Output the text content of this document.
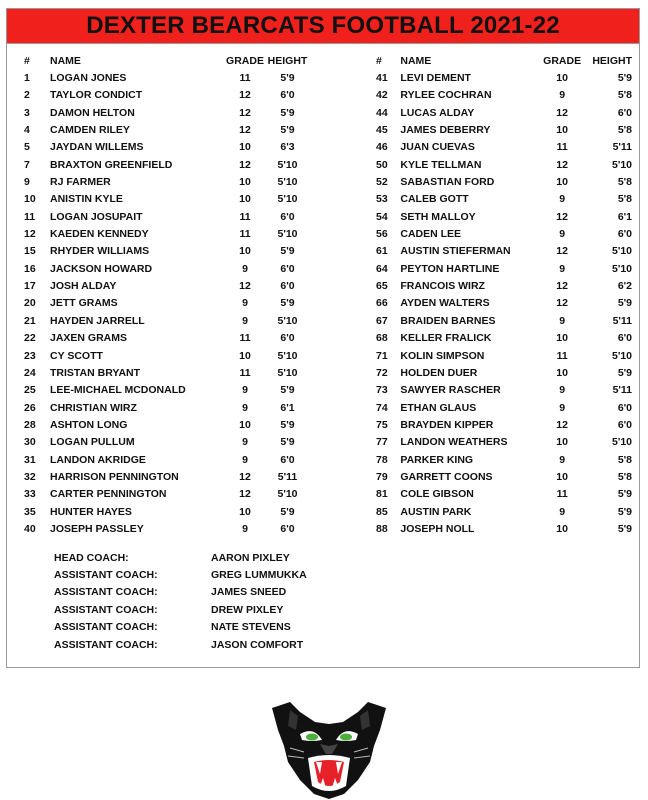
DEXTER BEARCATS FOOTBALL 2021-22
#	NAME	GRADE HEIGHT
1	LOGAN JONES	11	5'9
2	TAYLOR CONDICT	12	6'0
3	DAMON HELTON	12	5'9
4	CAMDEN RILEY	12	5'9
5	JAYDAN WILLEMS	10	6'3
7	BRAXTON GREENFIELD	12	5'10
9	RJ FARMER	10	5'10
10	ANISTIN KYLE	10	5'10
11	LOGAN JOSUPAIT	11	6'0
12	KAEDEN KENNEDY	11	5'10
15	RHYDER WILLIAMS	10	5'9
16	JACKSON HOWARD	9	6'0
17	JOSH ALDAY	12	6'0
20	JETT GRAMS	9	5'9
21	HAYDEN JARRELL	9	5'10
22	JAXEN GRAMS	11	6'0
23	CY SCOTT	10	5'10
24	TRISTAN BRYANT	11	5'10
25	LEE-MICHAEL MCDONALD	9	5'9
26	CHRISTIAN WIRZ	9	6'1
28	ASHTON LONG	10	5'9
30	LOGAN PULLUM	9	5'9
31	LANDON AKRIDGE	9	6'0
32	HARRISON PENNINGTON	12	5'11
33	CARTER PENNINGTON	12	5'10
35	HUNTER HAYES	10	5'9
40	JOSEPH PASSLEY	9	6'0
#	NAME	GRADE	HEIGHT
41	LEVI DEMENT	10	5'9
42	RYLEE COCHRAN	9	5'8
44	LUCAS ALDAY	12	6'0
45	JAMES DEBERRY	10	5'8
46	JUAN CUEVAS	11	5'11
50	KYLE TELLMAN	12	5'10
52	SABASTIAN FORD	10	5'8
53	CALEB GOTT	9	5'8
54	SETH MALLOY	12	6'1
56	CADEN LEE	9	6'0
61	AUSTIN STIEFERMAN	12	5'10
64	PEYTON HARTLINE	9	5'10
65	FRANCOIS WIRZ	12	6'2
66	AYDEN WALTERS	12	5'9
67	BRAIDEN BARNES	9	5'11
68	KELLER FRALICK	10	6'0
71	KOLIN SIMPSON	11	5'10
72	HOLDEN DUER	10	5'9
73	SAWYER RASCHER	9	5'11
74	ETHAN GLAUS	9	6'0
75	BRAYDEN KIPPER	12	6'0
77	LANDON WEATHERS	10	5'10
78	PARKER KING	9	5'8
79	GARRETT COONS	10	5'8
81	COLE GIBSON	11	5'9
85	AUSTIN PARK	9	5'9
88	JOSEPH NOLL	10	5'9
HEAD COACH:	AARON PIXLEY
ASSISTANT COACH:	GREG LUMMUKKA
ASSISTANT COACH:	JAMES SNEED
ASSISTANT COACH:	DREW PIXLEY
ASSISTANT COACH:	NATE STEVENS
ASSISTANT COACH:	JASON COMFORT
